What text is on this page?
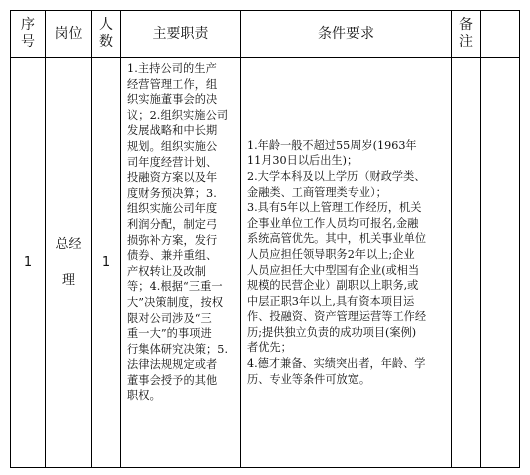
序
号 岗位
人
数	主要职责	条件要求
备
注
1
总经
理
1
1.主持公司的生产
经营管理工作，组
织实施董事会的决
议；2.组织实施公司
发展战略和中长期
规划。组织实施公
司年度经营计划、
投融资方案以及年
度财务预决算；3.
组织实施公司年度
利润分配，制定弓
损弥补方案，发行
债券、兼并重组、
产权转让及改制
等；4.根据“三重一
大”决策制度，按权
限对公司涉及“三
重一大”的事项进
行集体研究决策；5.
法律法规规定或者
董事会授予的其他
职权。
1.年龄一般不超过55周岁(1963年
11月30日以后出生)；
2.大学本科及以上学历（财政学类、
金融类、工商管理类专业）；
3.具有5年以上管理工作经历，机关
企事业单位工作人员均可报名,金融
系统高管优先。其中，机关事业单位
人员应担任领导职务2年以上;企业
人员应担任大中型国有企业(或相当
规模的民营企业）副职以上职务,或
中层正职3年以上,具有资本项目运
作、投融资、资产管理运营等工作经
历;提供独立负责的成功项目(案例)
者优先；
4.德才兼备、实绩突出者，年龄、学
历、专业等条件可放宽。
